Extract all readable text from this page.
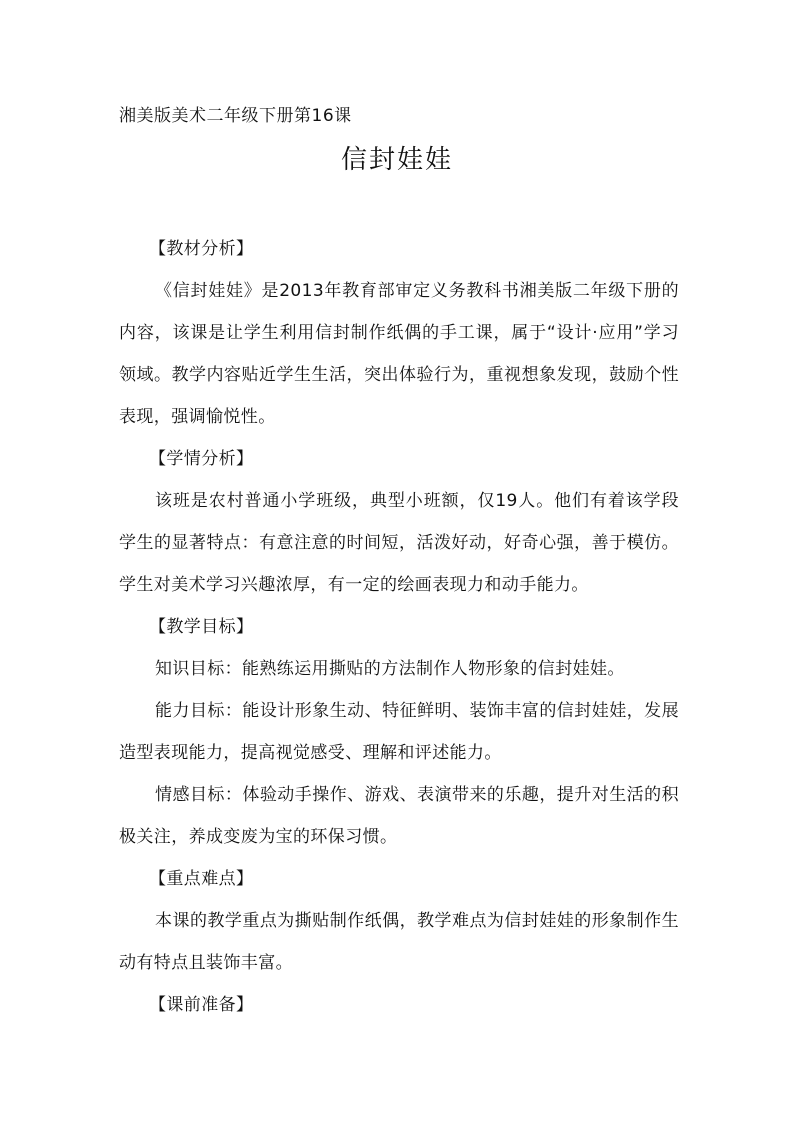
湘美版美术二年级下册第16课
信封娃娃

【教材分析】

《信封娃娃》是2013年教育部审定义务教科书湘美版二年级下册的内容，该课是让学生利用信封制作纸偶的手工课，属于“设计·应用”学习领域。教学内容贴近学生生活，突出体验行为，重视想象发现，鼓励个性表现，强调愉悦性。

【学情分析】

该班是农村普通小学班级，典型小班额，仅19人。他们有着该学段学生的显著特点：有意注意的时间短，活泼好动，好奇心强，善于模仿。学生对美术学习兴趣浓厚，有一定的绘画表现力和动手能力。

【教学目标】

知识目标：能熟练运用撕贴的方法制作人物形象的信封娃娃。

能力目标：能设计形象生动、特征鲜明、装饰丰富的信封娃娃，发展造型表现能力，提高视觉感受、理解和评述能力。

情感目标：体验动手操作、游戏、表演带来的乐趣，提升对生活的积极关注，养成变废为宝的环保习惯。

【重点难点】

本课的教学重点为撕贴制作纸偶，教学难点为信封娃娃的形象制作生动有特点且装饰丰富。

【课前准备】
